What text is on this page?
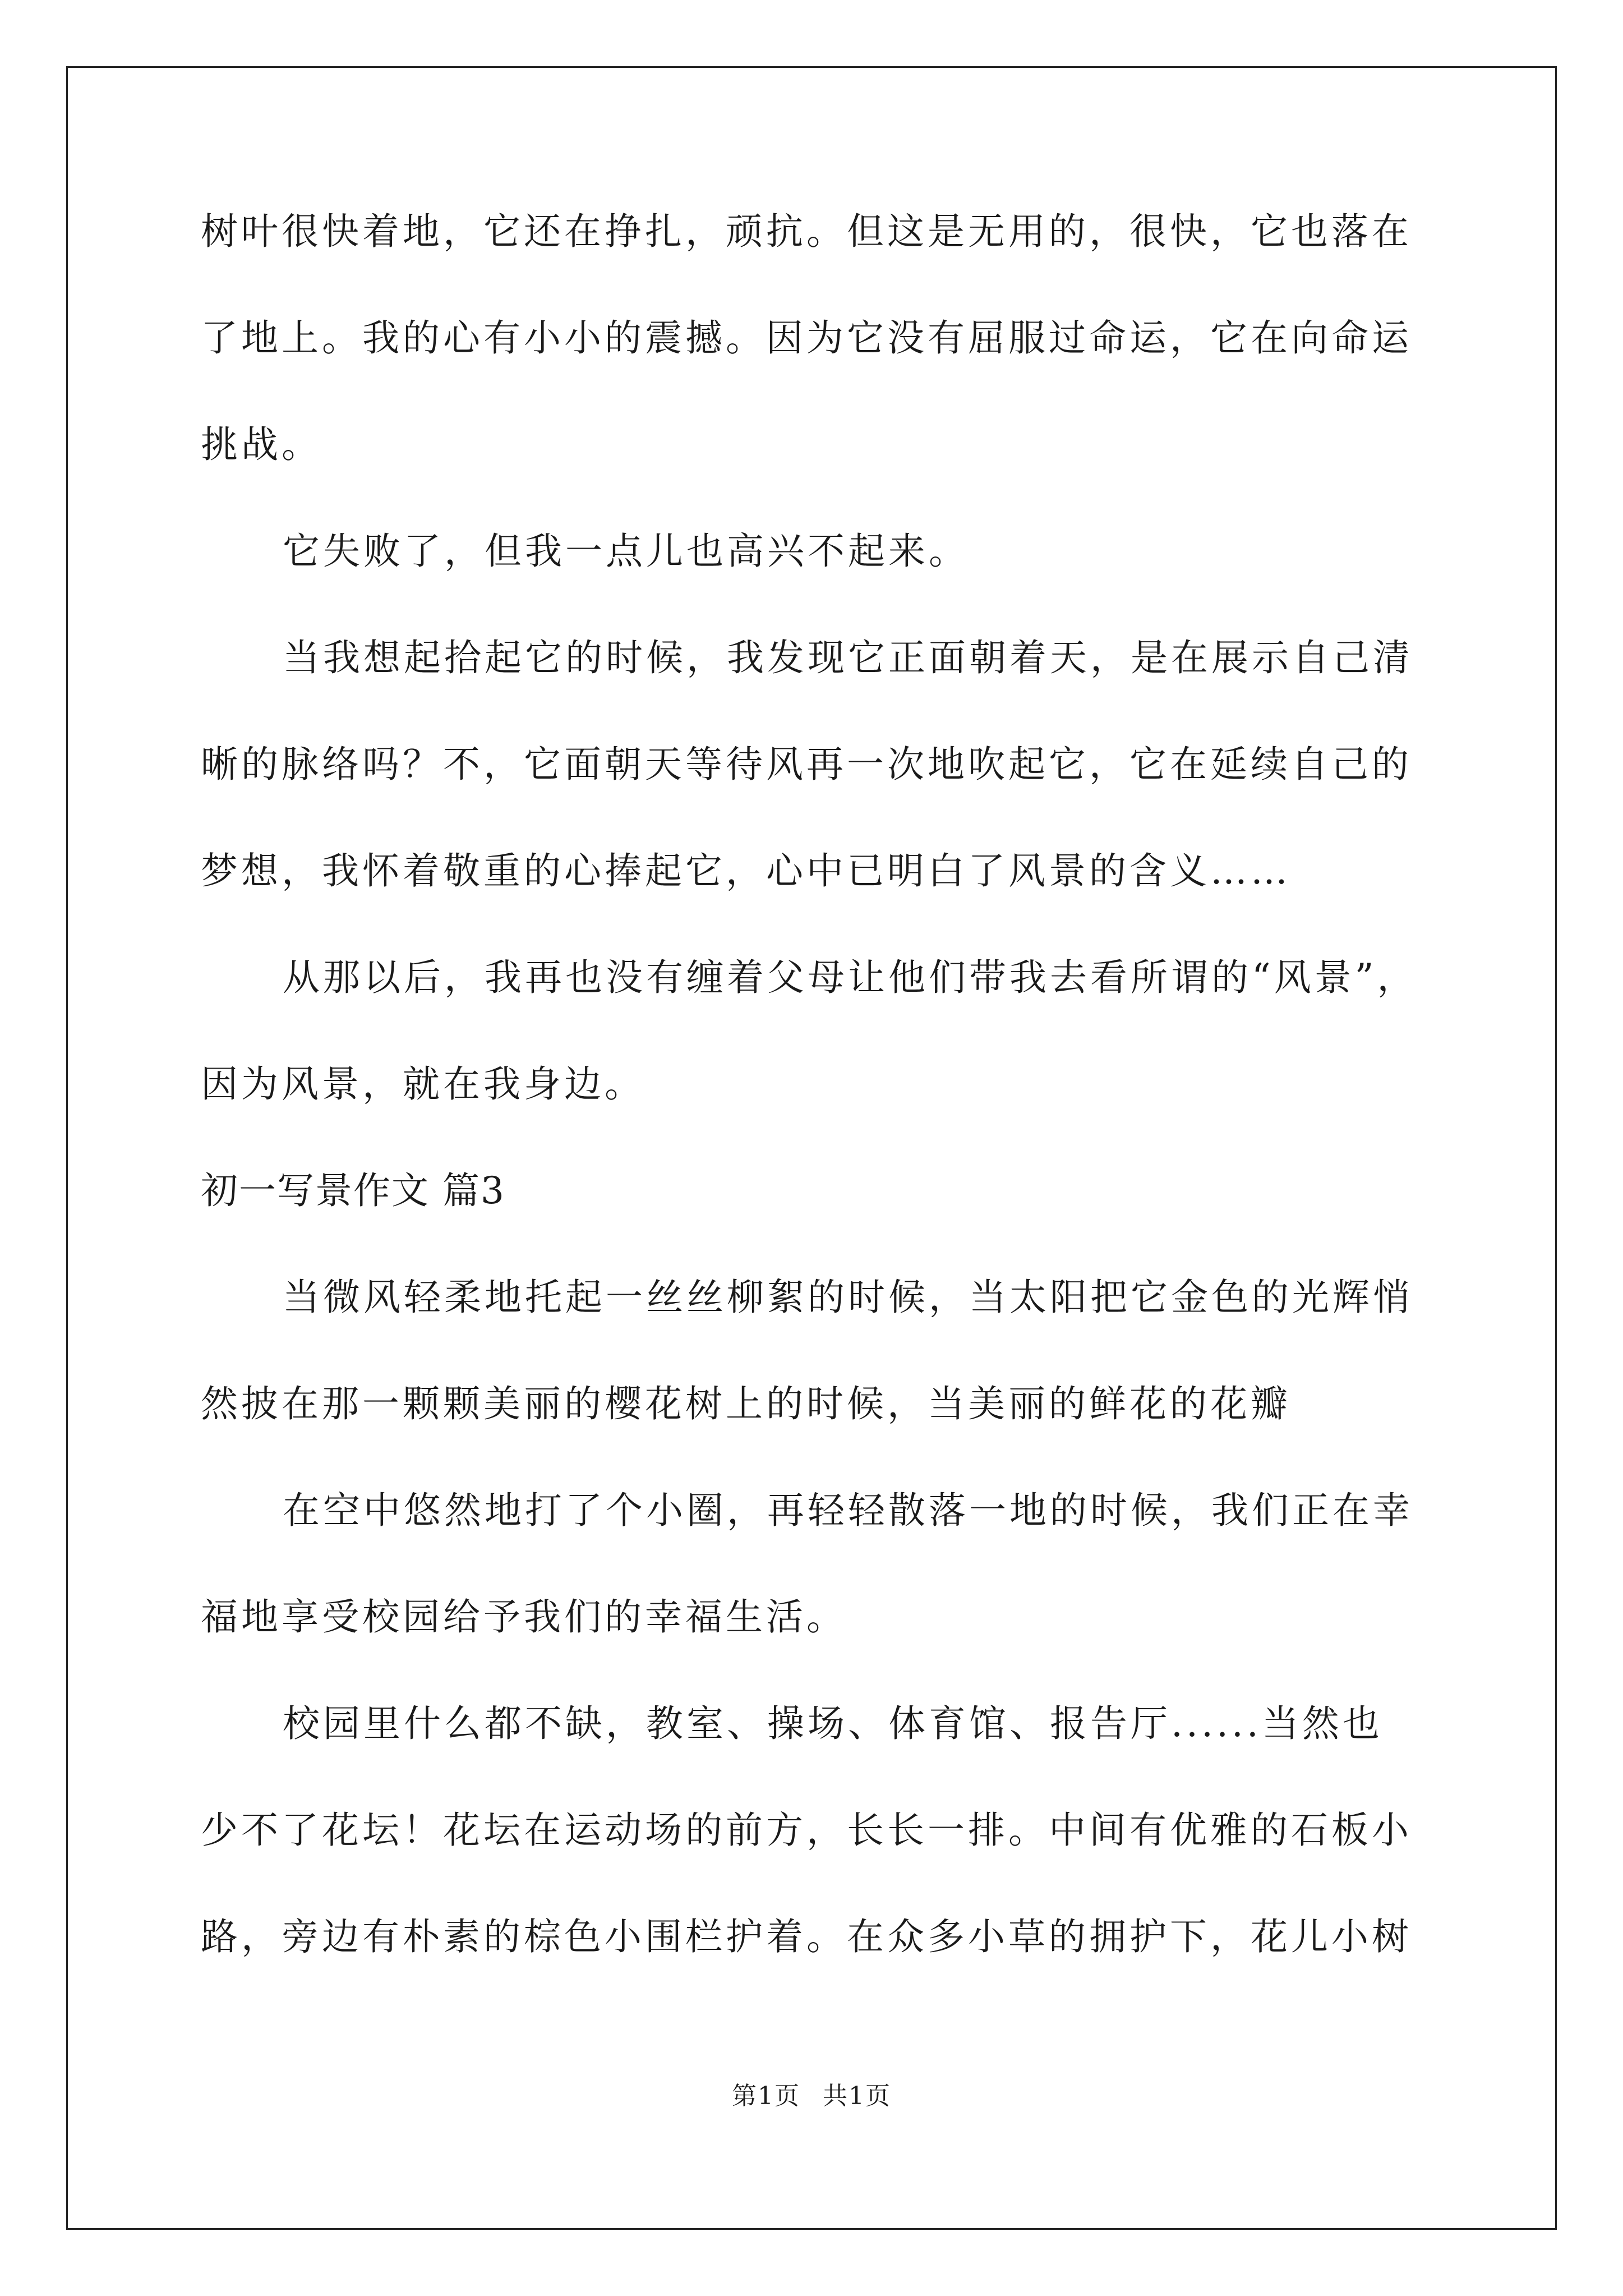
树叶很快着地，它还在挣扎，顽抗。但这是无用的，很快，它也落在
了地上。我的心有小小的震撼。因为它没有屈服过命运，它在向命运
挑战。
它失败了，但我一点儿也高兴不起来。
当我想起拾起它的时候，我发现它正面朝着天，是在展示自己清
晰的脉络吗？不，它面朝天等待风再一次地吹起它，它在延续自己的
梦想，我怀着敬重的心捧起它，心中已明白了风景的含义……
从那以后，我再也没有缠着父母让他们带我去看所谓的“风景”，
因为风景，就在我身边。
初一写景作文 篇3
当微风轻柔地托起一丝丝柳絮的时候，当太阳把它金色的光辉悄
然披在那一颗颗美丽的樱花树上的时候，当美丽的鲜花的花瓣
在空中悠然地打了个小圈，再轻轻散落一地的时候，我们正在幸
福地享受校园给予我们的幸福生活。
校园里什么都不缺，教室、操场、体育馆、报告厅......当然也
少不了花坛！花坛在运动场的前方，长长一排。中间有优雅的石板小
路，旁边有朴素的棕色小围栏护着。在众多小草的拥护下，花儿小树
第1页 共1页
